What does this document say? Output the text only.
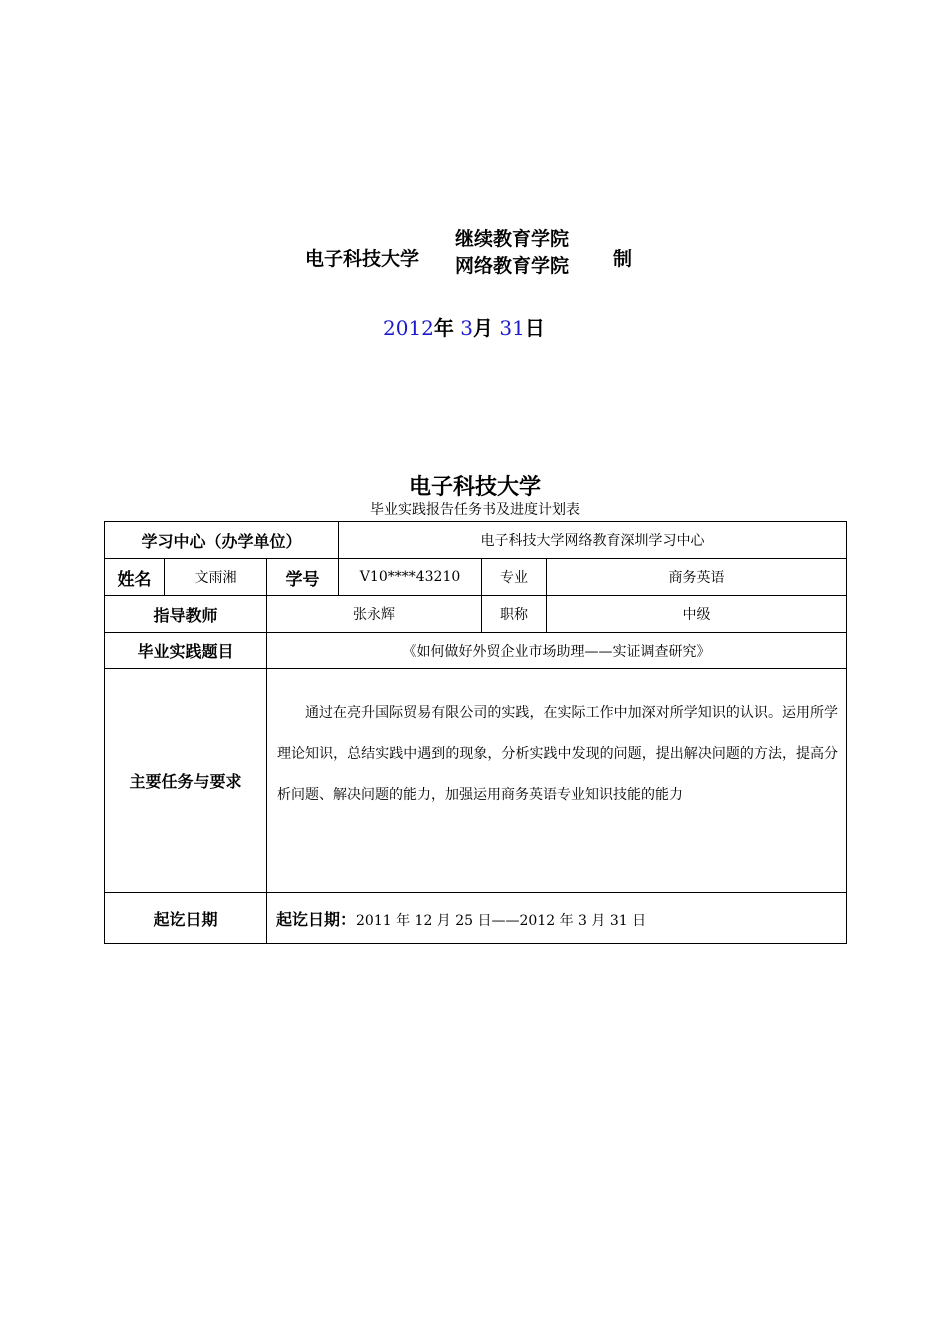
电子科技大学
继续教育学院
网络教育学院 制
2012年 3月 31日
电子科技大学
毕业实践报告任务书及进度计划表
学习中心（办学单位）			电子科技大学网络教育深圳学习中心		
姓名	文雨湘	学号	V10****43210	专业	商务英语
指导教师		张永辉		职称	中级
毕业实践题目		《如何做好外贸企业市场助理——实证调查研究》			
主要任务与要求		通过在亮升国际贸易有限公司的实践，在实际工作中加深对所学知识的认识。运用所学理论知识，总结实践中遇到的现象，分析实践中发现的问题，提出解决问题的方法，提高分析问题、解决问题的能力，加强运用商务英语专业知识技能的能力			

起讫日期		起讫日期：2011 年 12 月 25 日——2012 年 3 月 31 日			
